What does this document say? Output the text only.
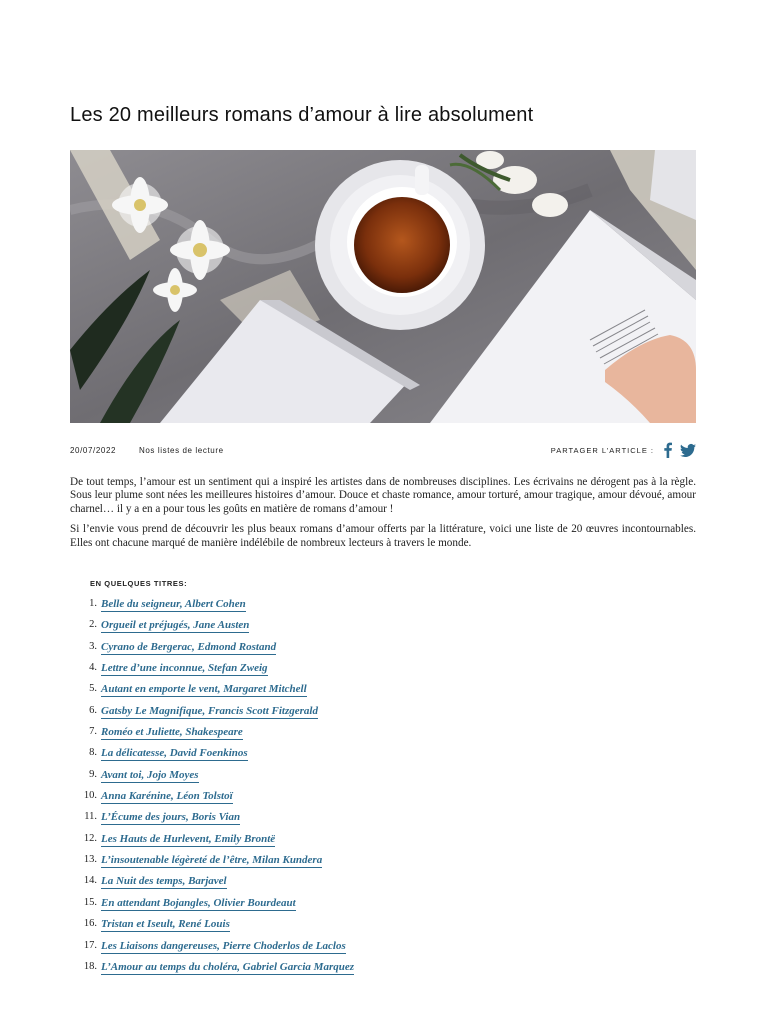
Les 20 meilleurs romans d’amour à lire absolument
20/07/2022	Nos listes de lecture	PARTAGER L’ARTICLE :

De tout temps, l’amour est un sentiment qui a inspiré les artistes dans de nombreuses disciplines. Les écrivains ne dérogent pas à la règle. Sous leur plume sont nées les meilleures histoires d’amour. Douce et chaste romance, amour torturé, amour tragique, amour dévoué, amour charnel… il y a en a pour tous les goûts en matière de romans d’amour !

Si l’envie vous prend de découvrir les plus beaux romans d’amour offerts par la littérature, voici une liste de 20 œuvres incontournables. Elles ont chacune marqué de manière indélébile de nombreux lecteurs à travers le monde.

EN QUELQUES TITRES:
1. Belle du seigneur, Albert Cohen
2. Orgueil et préjugés, Jane Austen
3. Cyrano de Bergerac, Edmond Rostand
4. Lettre d’une inconnue, Stefan Zweig
5. Autant en emporte le vent, Margaret Mitchell
6. Gatsby Le Magnifique, Francis Scott Fitzgerald
7. Roméo et Juliette, Shakespeare
8. La délicatesse, David Foenkinos
9. Avant toi, Jojo Moyes
10. Anna Karénine, Léon Tolstoï
11. L’Écume des jours, Boris Vian
12. Les Hauts de Hurlevent, Emily Brontë
13. L’insoutenable légèreté de l’être, Milan Kundera
14. La Nuit des temps, Barjavel
15. En attendant Bojangles, Olivier Bourdeaut
16. Tristan et Iseult, René Louis
17. Les Liaisons dangereuses, Pierre Choderlos de Laclos
18. L’Amour au temps du choléra, Gabriel Garcia Marquez
